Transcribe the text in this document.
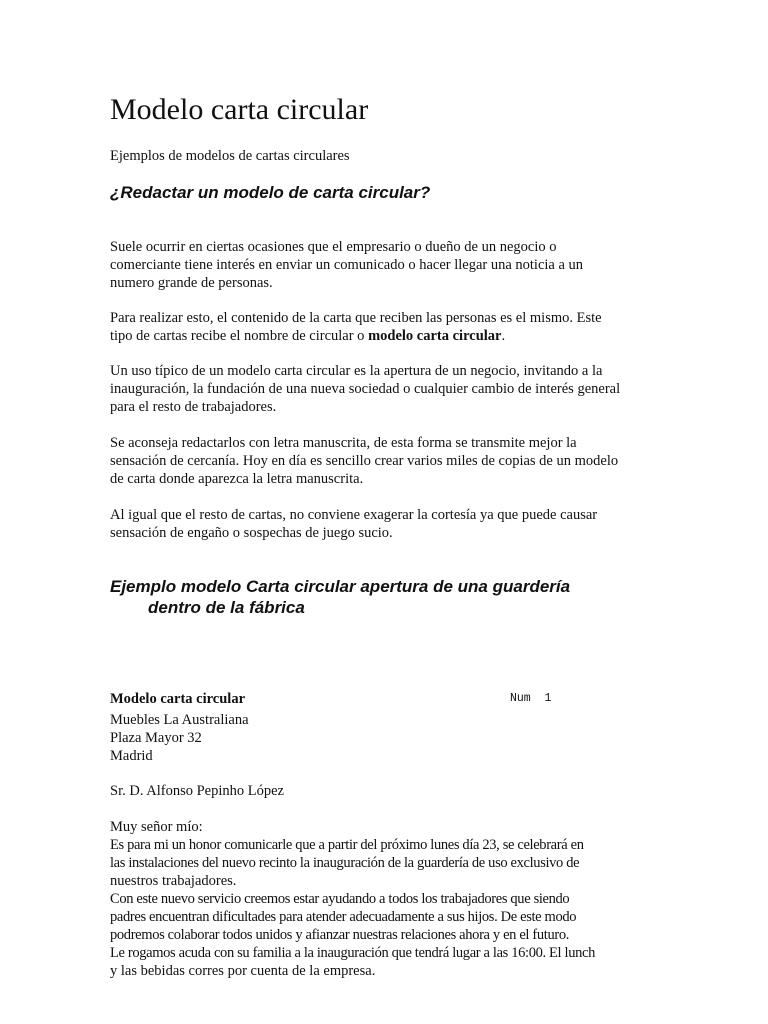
Modelo carta circular

Ejemplos de modelos de cartas circulares

¿Redactar un modelo de carta circular?

Suele ocurrir en ciertas ocasiones que el empresario o dueño de un negocio o
comerciante tiene interés en enviar un comunicado o hacer llegar una noticia a un
numero grande de personas.

Para realizar esto, el contenido de la carta que reciben las personas es el mismo. Este
tipo de cartas recibe el nombre de circular o modelo carta circular.

Un uso típico de un modelo carta circular es la apertura de un negocio, invitando a la
inauguración, la fundación de una nueva sociedad o cualquier cambio de interés general
para el resto de trabajadores.

Se aconseja redactarlos con letra manuscrita, de esta forma se transmite mejor la
sensación de cercanía. Hoy en día es sencillo crear varios miles de copias de un modelo
de carta donde aparezca la letra manuscrita.

Al igual que el resto de cartas, no conviene exagerar la cortesía ya que puede causar
sensación de engaño o sospechas de juego sucio.

Ejemplo modelo Carta circular apertura de una guardería
dentro de la fábrica
Modelo carta circular	Num  1

Muebles La Australiana
Plaza Mayor 32
Madrid

Sr. D. Alfonso Pepinho López

Muy señor mío:
Es para mi un honor comunicarle que a partir del próximo lunes día 23, se celebrará en
las instalaciones del nuevo recinto la inauguración de la guardería de uso exclusivo de
nuestros trabajadores.
Con este nuevo servicio creemos estar ayudando a todos los trabajadores que siendo
padres encuentran dificultades para atender adecuadamente a sus hijos. De este modo
podremos colaborar todos unidos y afianzar nuestras relaciones ahora y en el futuro.
Le rogamos acuda con su familia a la inauguración que tendrá lugar a las 16:00. El lunch
y las bebidas corres por cuenta de la empresa.
